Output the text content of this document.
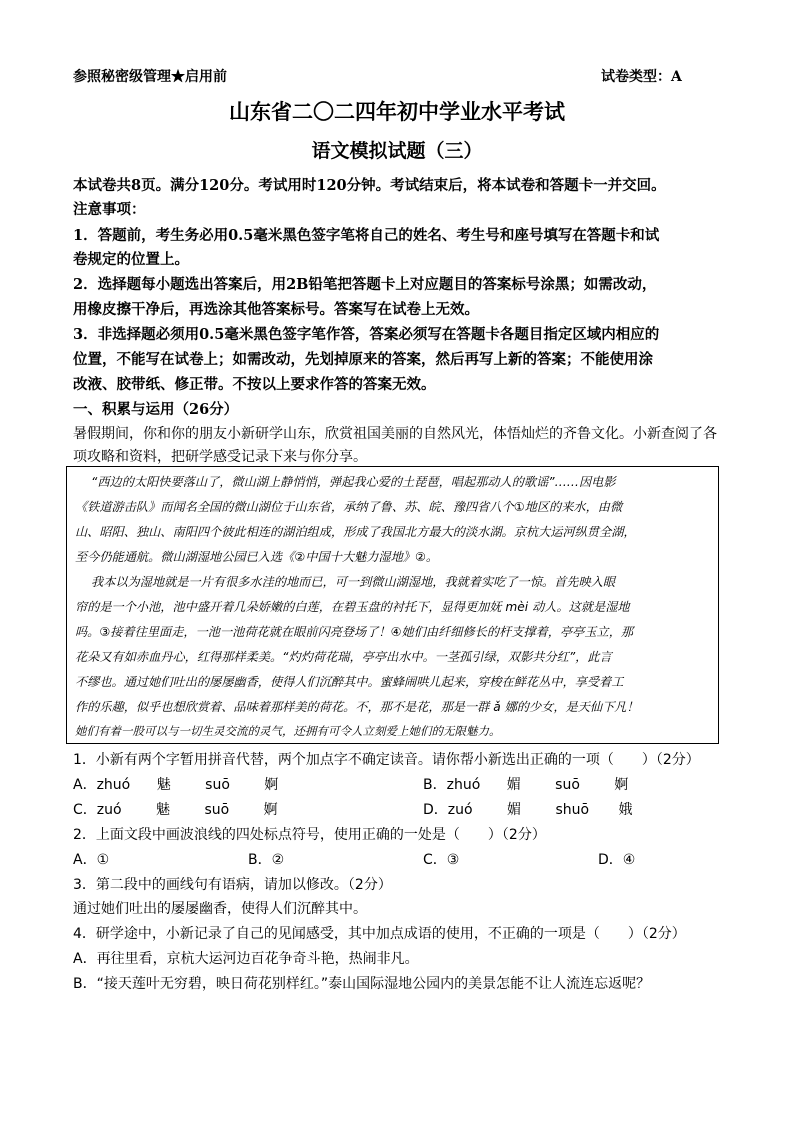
参照秘密级管理★启用前	试卷类型：A
山东省二〇二四年初中学业水平考试
语文模拟试题（三）
本试卷共8页。满分120分。考试用时120分钟。考试结束后，将本试卷和答题卡一并交回。
注意事项：
1．答题前，考生务必用0.5毫米黑色签字笔将自己的姓名、考生号和座号填写在答题卡和试
卷规定的位置上。
2．选择题每小题选出答案后，用2B铅笔把答题卡上对应题目的答案标号涂黑；如需改动，
用橡皮擦干净后，再选涂其他答案标号。答案写在试卷上无效。
3．非选择题必须用0.5毫米黑色签字笔作答，答案必须写在答题卡各题目指定区域内相应的
位置，不能写在试卷上；如需改动，先划掉原来的答案，然后再写上新的答案；不能使用涂
改液、胶带纸、修正带。不按以上要求作答的答案无效。
一、积累与运用（26分）
暑假期间，你和你的朋友小新研学山东，欣赏祖国美丽的自然风光，体悟灿烂的齐鲁文化。小新查阅了各
项攻略和资料，把研学感受记录下来与你分享。
“西边的太阳快要落山了，微山湖上静悄悄，弹起我心爱的土琵琶，唱起那动人的歌谣”……因电影
《铁道游击队》而闻名全国的微山湖位于山东省，承纳了鲁、苏、皖、豫四省八个①地区的来水，由微
山、昭阳、独山、南阳四个彼此相连的湖泊组成，形成了我国北方最大的淡水湖。京杭大运河纵贯全湖，
至今仍能通航。微山湖湿地公园已入选《②中国十大魅力湿地》②。
我本以为湿地就是一片有很多水洼的地而已，可一到微山湖湿地，我就着实吃了一惊。首先映入眼
帘的是一个小池，池中盛开着几朵娇嫩的白莲，在碧玉盘的衬托下，显得更加妩 mèi 动人。这就是湿地
吗。③接着往里面走，一池一池荷花就在眼前闪亮登场了！④她们由纤细修长的杆支撑着，亭亭玉立，那
花朵又有如赤血丹心，红得那样柔美。“灼灼荷花瑞，亭亭出水中。一茎孤引绿，双影共分红”，此言
不缪也。通过她们吐出的屡屡幽香，使得人们沉醉其中。蜜蜂闹哄儿起来，穿梭在鲜花丛中，享受着工
作的乐趣，似乎也想欣赏着、品味着那样美的荷花。不，那不是花，那是一群 ǎ 娜的少女，是天仙下凡！
她们有着一股可以与一切生灵交流的灵气，还拥有可令人立刻爱上她们的无限魅力。
1．小新有两个字暂用拼音代替，两个加点字不确定读音。请你帮小新选出正确的一项（　　）（2分）
A．zhuó 魅 suō 婀	B．zhuó 媚 suō 婀
C．zuó 魅 suō 婀	D．zuó 媚 shuō 娥
2．上面文段中画波浪线的四处标点符号，使用正确的一处是（　　）（2分）
A．①	B．②	C．③	D．④
3．第二段中的画线句有语病，请加以修改。（2分）
通过她们吐出的屡屡幽香，使得人们沉醉其中。
4．研学途中，小新记录了自己的见闻感受，其中加点成语的使用，不正确的一项是（　　）（2分）
A．再往里看，京杭大运河边百花争奇斗艳，热闹非凡。
B．“接天莲叶无穷碧，映日荷花别样红。”泰山国际湿地公园内的美景怎能不让人流连忘返呢？
